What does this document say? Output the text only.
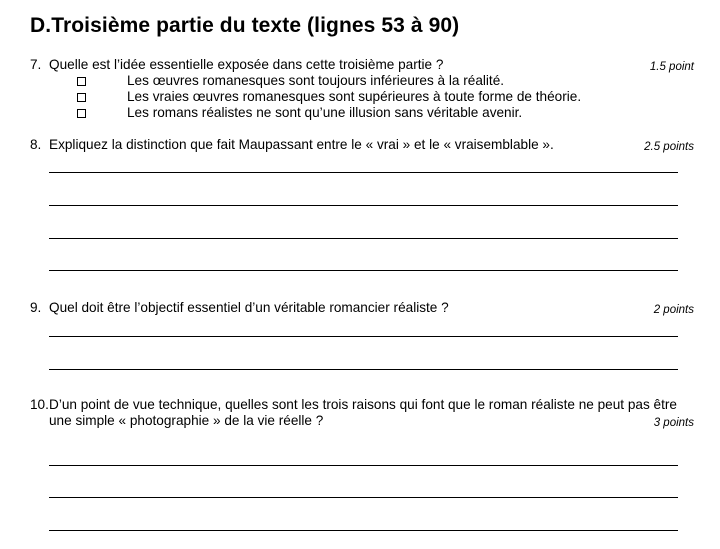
D.Troisième partie du texte (lignes 53 à 90)
7. Quelle est l’idée essentielle exposée dans cette troisième partie ?	1.5 point
Les œuvres romanesques sont toujours inférieures à la réalité.
Les vraies œuvres romanesques sont supérieures à toute forme de théorie.
Les romans réalistes ne sont qu’une illusion sans véritable avenir.
8. Expliquez la distinction que fait Maupassant entre le « vrai » et le « vraisemblable ».	2.5 points
9. Quel doit être l’objectif essentiel d’un véritable romancier réaliste ?	2 points
10. D’un point de vue technique, quelles sont les trois raisons qui font que le roman réaliste ne peut pas être une simple « photographie » de la vie réelle ?	3 points
